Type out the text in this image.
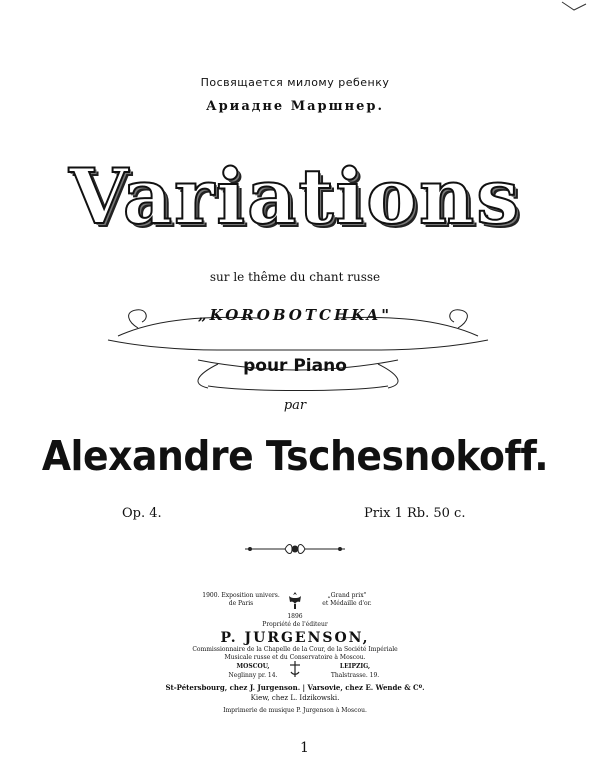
Посвящается милому ребенку
Ариадне Маршнер.
Variations
sur le thême du chant russe
„KOROBOTCHKA"
pour Piano
par
Alexandre Tschesnokoff.
Op. 4.	Prix 1 Rb. 50 c.
1900. Exposition univers.
de Paris
„Grand prix"
et Médaille d'or.
1896
Propriété de l'éditeur
P. JURGENSON,
Commissionnaire de la Chapelle de la Cour, de la Société Impériale
Musicale russe et du Conservatoire à Moscou.
MOSCOU,
Neglinny pr. 14.
LEIPZIG,
Thalstrasse. 19.
St-Pétersbourg, chez J. Jurgenson. | Varsovie, chez E. Wende & Cº.
Kiew, chez L. Idzikowski.
Imprimerie de musique P. Jurgenson à Moscou.
1
